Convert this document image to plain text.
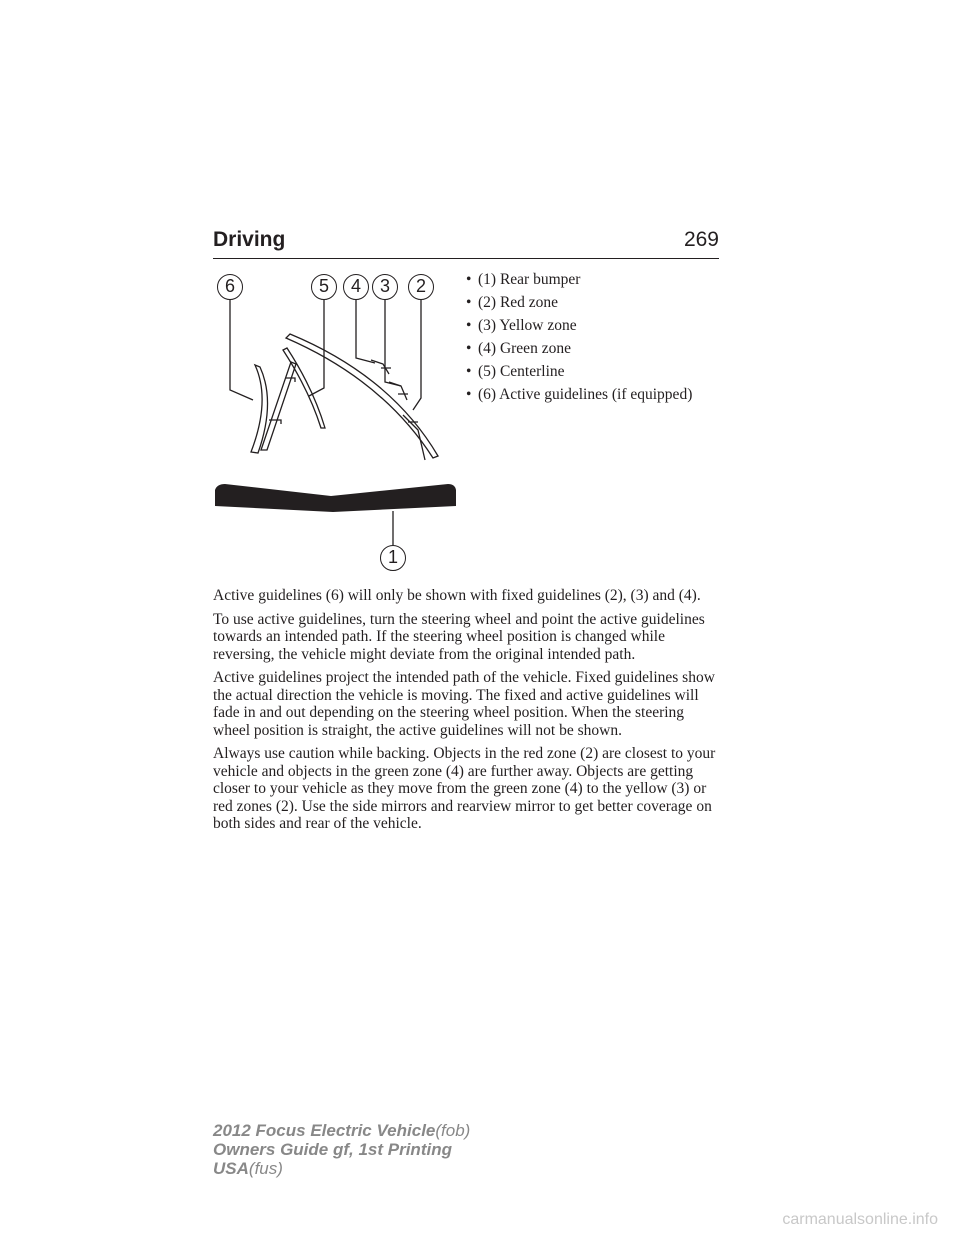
Driving	269
6	5	4	3	2
1
• (1) Rear bumper
• (2) Red zone
• (3) Yellow zone
• (4) Green zone
• (5) Centerline
• (6) Active guidelines (if equipped)

Active guidelines (6) will only be shown with fixed guidelines (2), (3) and (4).

To use active guidelines, turn the steering wheel and point the active guidelines towards an intended path. If the steering wheel position is changed while reversing, the vehicle might deviate from the original intended path.

Active guidelines project the intended path of the vehicle. Fixed guidelines show the actual direction the vehicle is moving. The fixed and active guidelines will fade in and out depending on the steering wheel position. When the steering wheel position is straight, the active guidelines will not be shown.

Always use caution while backing. Objects in the red zone (2) are closest to your vehicle and objects in the green zone (4) are further away. Objects are getting closer to your vehicle as they move from the green zone (4) to the yellow (3) or red zones (2). Use the side mirrors and rearview mirror to get better coverage on both sides and rear of the vehicle.

2012 Focus Electric Vehicle(fob)
Owners Guide gf, 1st Printing
USA(fus)
carmanualsonline.info
